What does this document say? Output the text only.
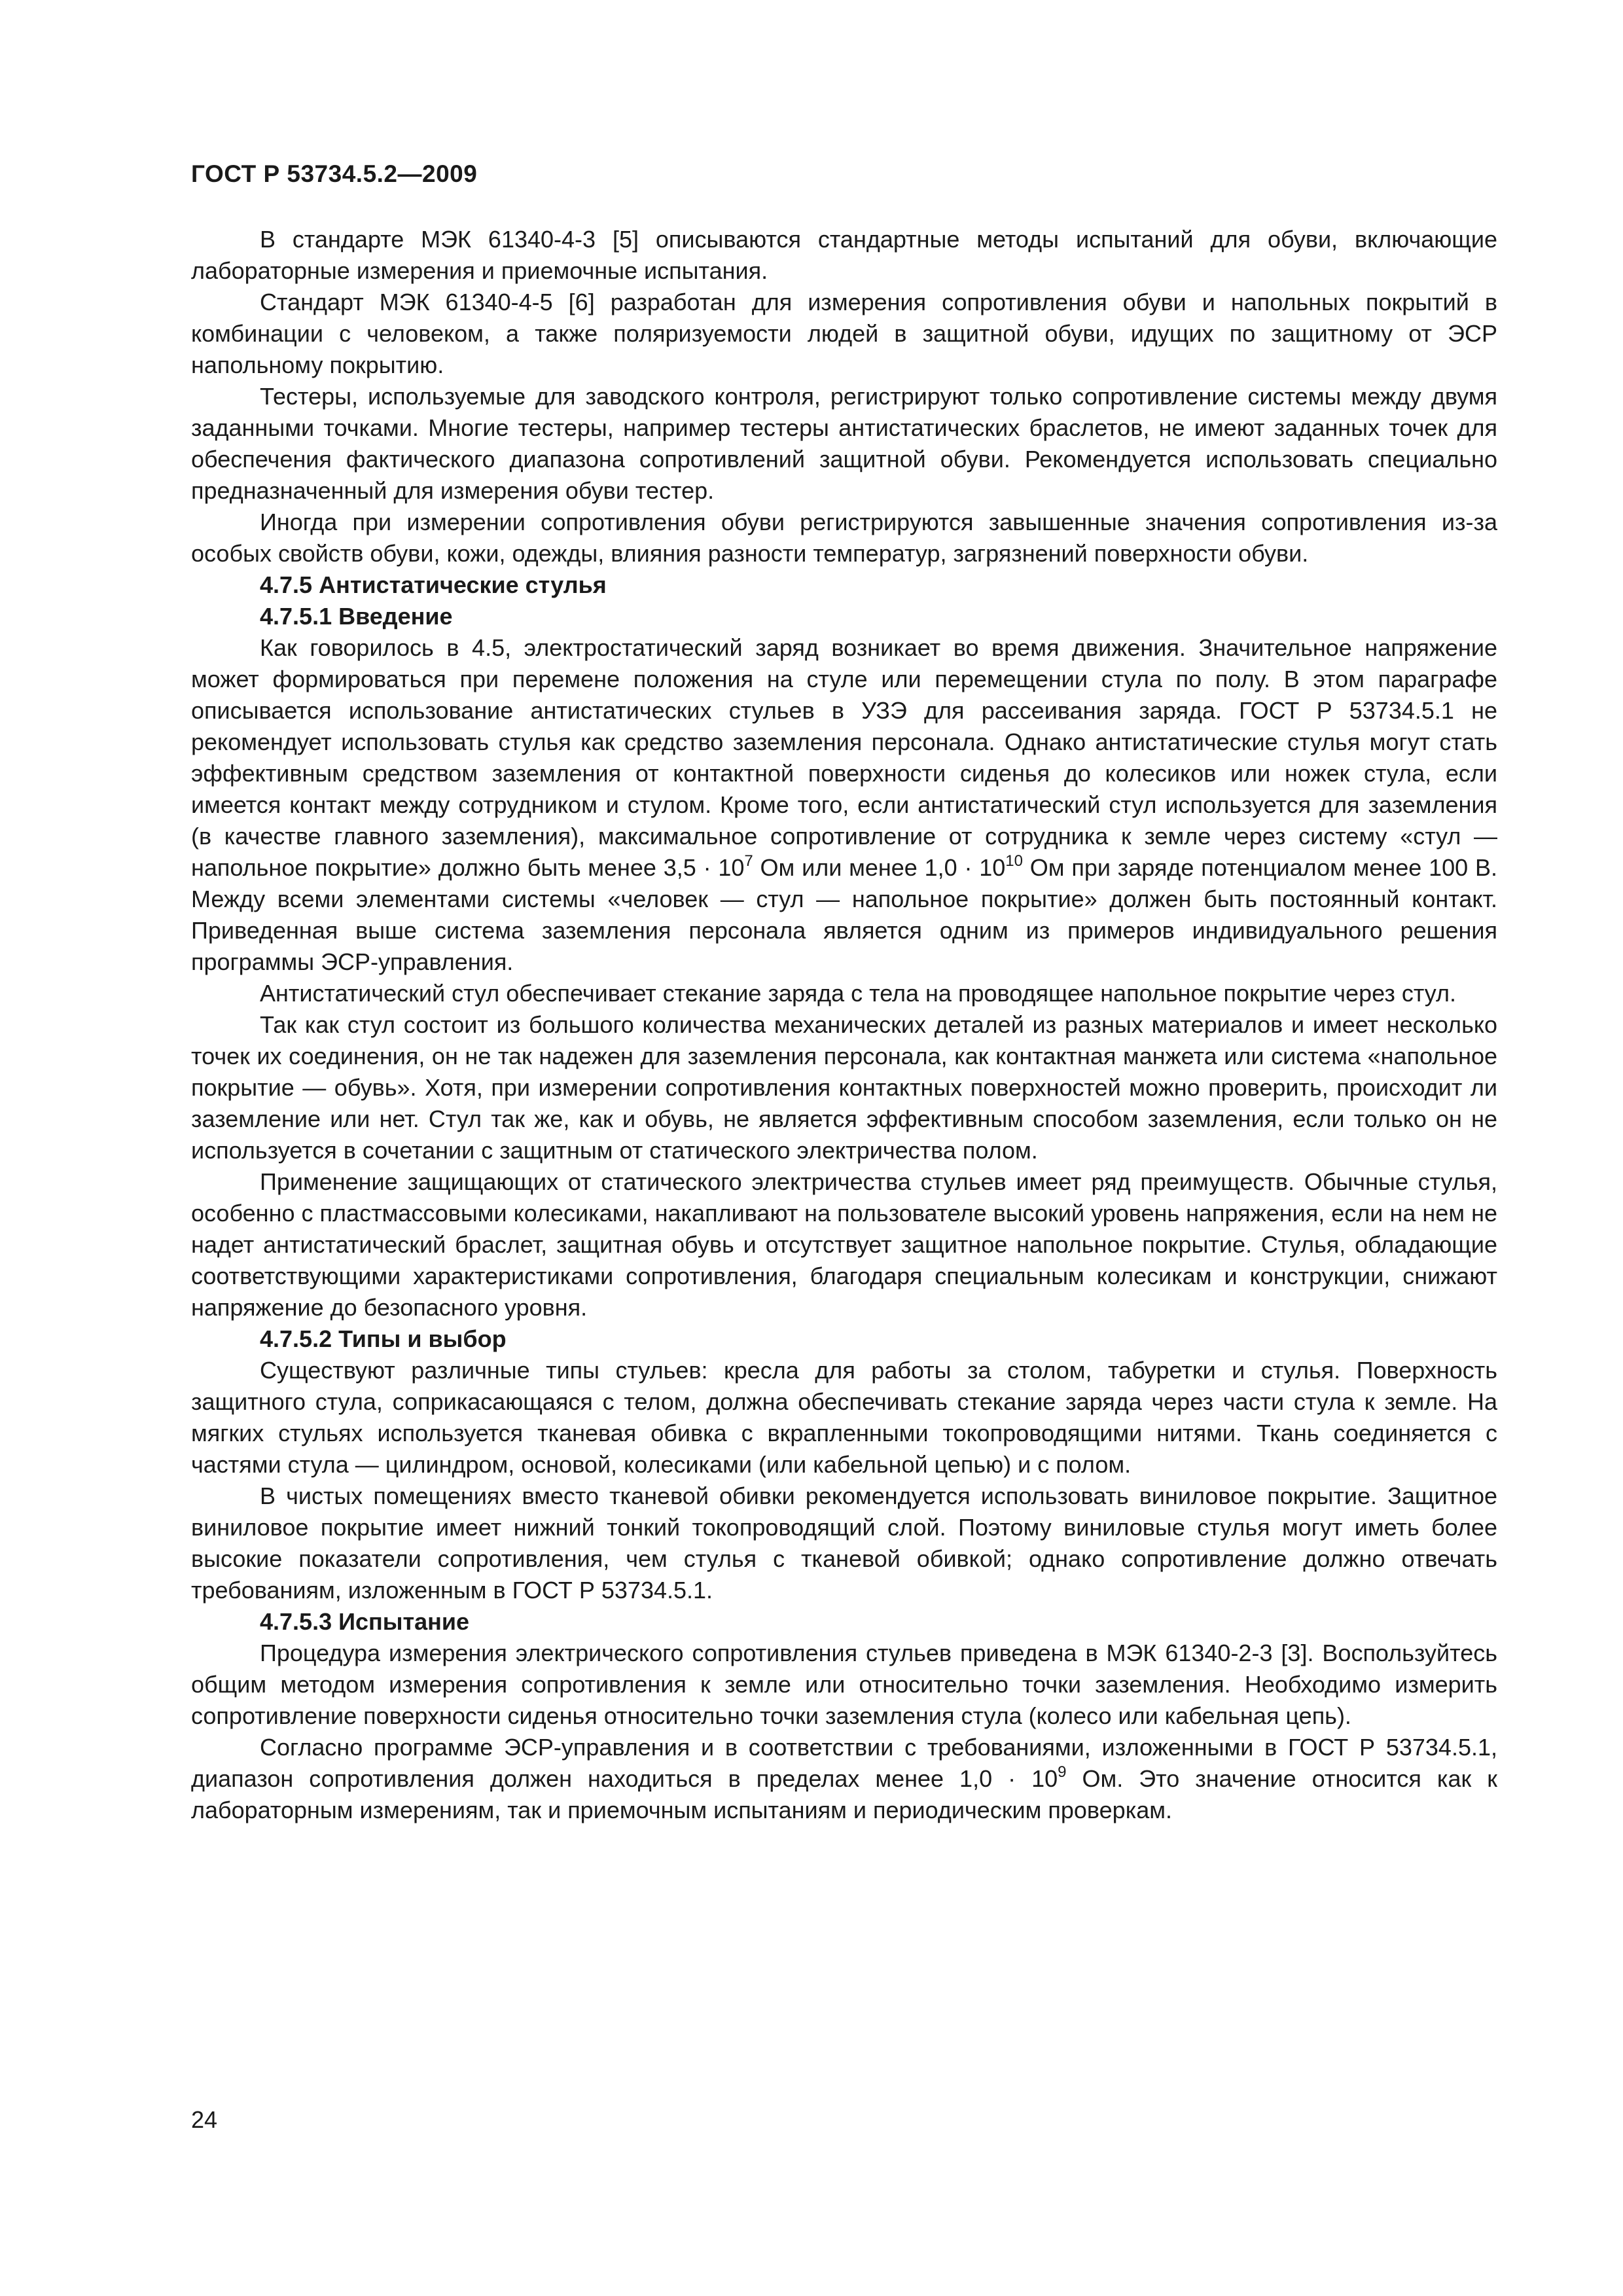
ГОСТ Р 53734.5.2—2009

В стандарте МЭК 61340-4-3 [5] описываются стандартные методы испытаний для обуви, включающие лабораторные измерения и приемочные испытания.

Стандарт МЭК 61340-4-5 [6] разработан для измерения сопротивления обуви и напольных покрытий в комбинации с человеком, а также поляризуемости людей в защитной обуви, идущих по защитному от ЭСР напольному покрытию.

Тестеры, используемые для заводского контроля, регистрируют только сопротивление системы между двумя заданными точками. Многие тестеры, например тестеры антистатических браслетов, не имеют заданных точек для обеспечения фактического диапазона сопротивлений защитной обуви. Рекомендуется использовать специально предназначенный для измерения обуви тестер.

Иногда при измерении сопротивления обуви регистрируются завышенные значения сопротивления из-за особых свойств обуви, кожи, одежды, влияния разности температур, загрязнений поверхности обуви.

4.7.5 Антистатические стулья
4.7.5.1 Введение

Как говорилось в 4.5, электростатический заряд возникает во время движения. Значительное напряжение может формироваться при перемене положения на стуле или перемещении стула по полу. В этом параграфе описывается использование антистатических стульев в УЗЭ для рассеивания заряда. ГОСТ Р 53734.5.1 не рекомендует использовать стулья как средство заземления персонала. Однако антистатические стулья могут стать эффективным средством заземления от контактной поверхности сиденья до колесиков или ножек стула, если имеется контакт между сотрудником и стулом. Кроме того, если антистатический стул используется для заземления (в качестве главного заземления), максимальное сопротивление от сотрудника к земле через систему «стул — напольное покрытие» должно быть менее $3,5 \cdot 10^7$ Ом или менее $1,0 \cdot 10^{10}$ Ом при заряде потенциалом менее 100 В. Между всеми элементами системы «человек — стул — напольное покрытие» должен быть постоянный контакт. Приведенная выше система заземления персонала является одним из примеров индивидуального решения программы ЭСР-управления.

Антистатический стул обеспечивает стекание заряда с тела на проводящее напольное покрытие через стул.

Так как стул состоит из большого количества механических деталей из разных материалов и имеет несколько точек их соединения, он не так надежен для заземления персонала, как контактная манжета или система «напольное покрытие — обувь». Хотя, при измерении сопротивления контактных поверхностей можно проверить, происходит ли заземление или нет. Стул так же, как и обувь, не является эффективным способом заземления, если только он не используется в сочетании с защитным от статического электричества полом.

Применение защищающих от статического электричества стульев имеет ряд преимуществ. Обычные стулья, особенно с пластмассовыми колесиками, накапливают на пользователе высокий уровень напряжения, если на нем не надет антистатический браслет, защитная обувь и отсутствует защитное напольное покрытие. Стулья, обладающие соответствующими характеристиками сопротивления, благодаря специальным колесикам и конструкции, снижают напряжение до безопасного уровня.

4.7.5.2 Типы и выбор

Существуют различные типы стульев: кресла для работы за столом, табуретки и стулья. Поверхность защитного стула, соприкасающаяся с телом, должна обеспечивать стекание заряда через части стула к земле. На мягких стульях используется тканевая обивка с вкрапленными токопроводящими нитями. Ткань соединяется с частями стула — цилиндром, основой, колесиками (или кабельной цепью) и с полом.

В чистых помещениях вместо тканевой обивки рекомендуется использовать виниловое покрытие. Защитное виниловое покрытие имеет нижний тонкий токопроводящий слой. Поэтому виниловые стулья могут иметь более высокие показатели сопротивления, чем стулья с тканевой обивкой; однако сопротивление должно отвечать требованиям, изложенным в ГОСТ Р 53734.5.1.

4.7.5.3 Испытание

Процедура измерения электрического сопротивления стульев приведена в МЭК 61340-2-3 [3]. Воспользуйтесь общим методом измерения сопротивления к земле или относительно точки заземления. Необходимо измерить сопротивление поверхности сиденья относительно точки заземления стула (колесо или кабельная цепь).

Согласно программе ЭСР-управления и в соответствии с требованиями, изложенными в ГОСТ Р 53734.5.1, диапазон сопротивления должен находиться в пределах менее $1,0 \cdot 10^9$ Ом. Это значение относится как к лабораторным измерениям, так и приемочным испытаниям и периодическим проверкам.

24
